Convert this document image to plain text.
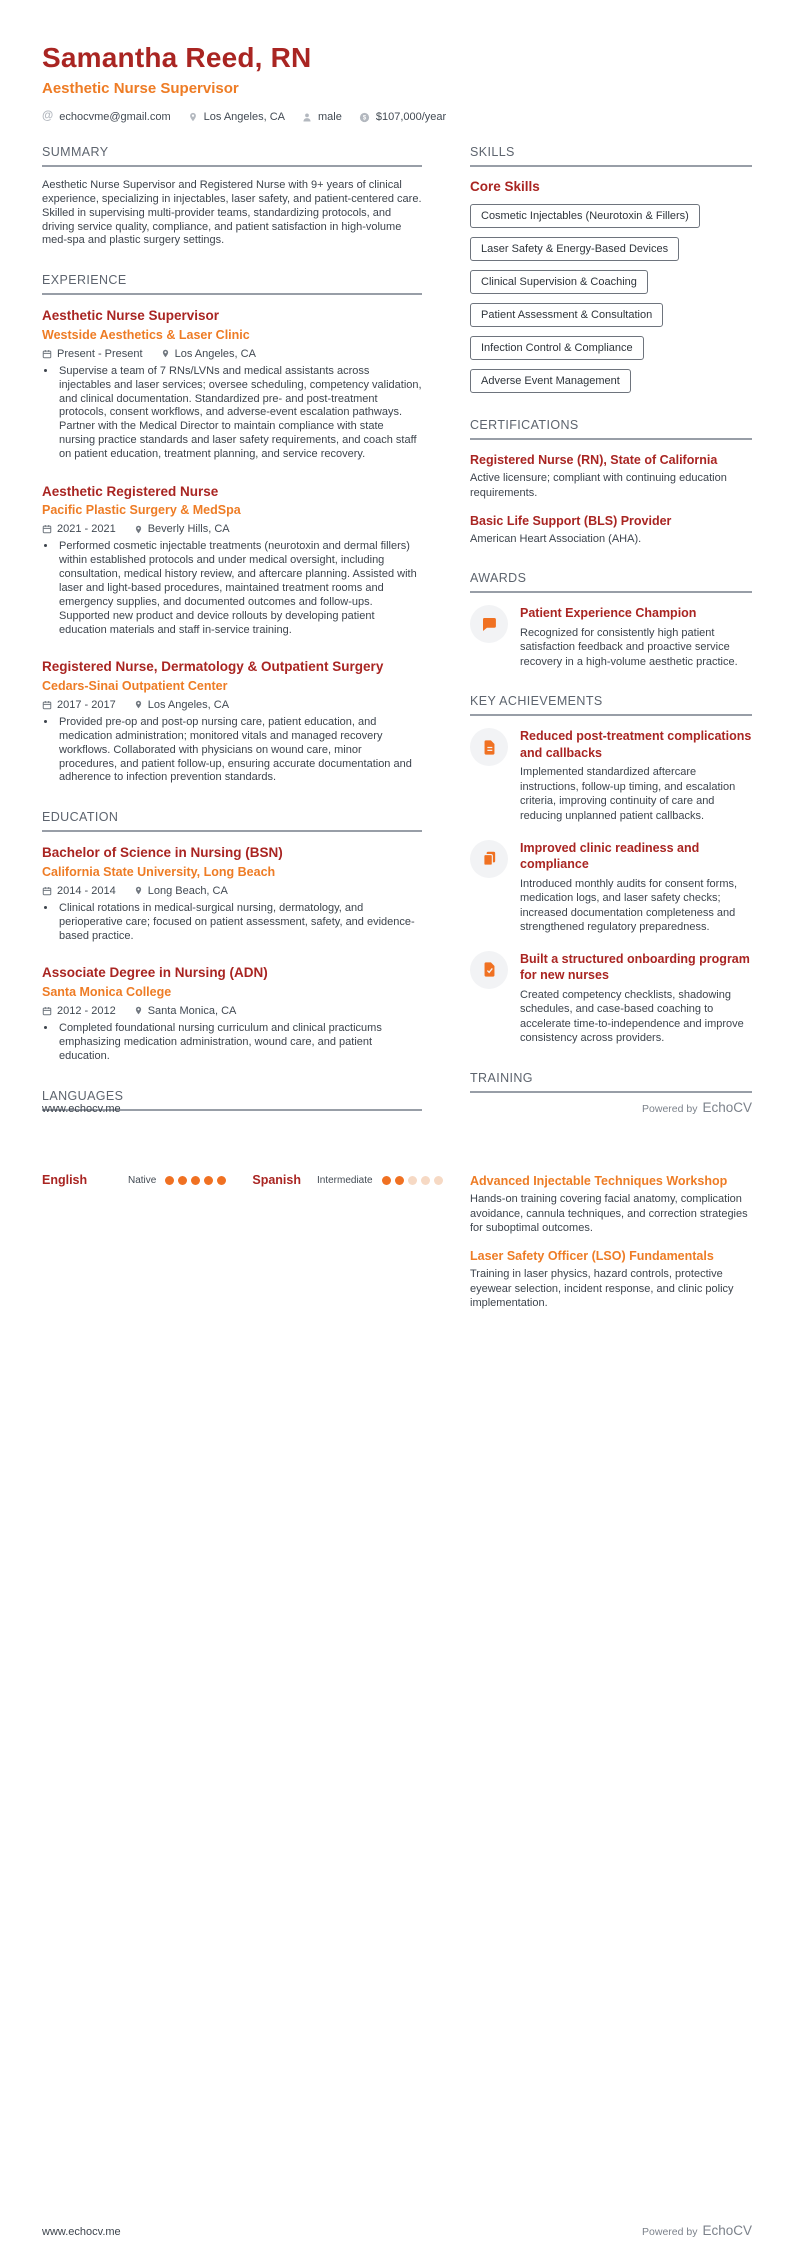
Samantha Reed, RN
Aesthetic Nurse Supervisor
@ echocvme@gmail.com	Los Angeles, CA	male $ $107,000/year
SUMMARY

Aesthetic Nurse Supervisor and Registered Nurse with 9+ years of clinical experience, specializing in injectables, laser safety, and patient-centered care. Skilled in supervising multi-provider teams, standardizing protocols, and driving service quality, compliance, and patient satisfaction in high-volume med-spa and plastic surgery settings.

EXPERIENCE
Aesthetic Nurse Supervisor
Westside Aesthetics & Laser Clinic
Present - Present	Los Angeles, CA
• Supervise a team of 7 RNs/LVNs and medical assistants across injectables and laser services; oversee scheduling, competency validation, and clinical documentation. Standardized pre- and post-treatment protocols, consent workflows, and adverse-event escalation pathways. Partner with the Medical Director to maintain compliance with state nursing practice standards and laser safety requirements, and coach staff on patient education, treatment planning, and service recovery.
Aesthetic Registered Nurse
Pacific Plastic Surgery & MedSpa
2021 - 2021	Beverly Hills, CA
• Performed cosmetic injectable treatments (neurotoxin and dermal fillers) within established protocols and under medical oversight, including consultation, medical history review, and aftercare planning. Assisted with laser and light-based procedures, maintained treatment rooms and emergency supplies, and documented outcomes and follow-ups. Supported new product and device rollouts by developing patient education materials and staff in-service training.
Registered Nurse, Dermatology & Outpatient Surgery
Cedars-Sinai Outpatient Center
2017 - 2017	Los Angeles, CA
• Provided pre-op and post-op nursing care, patient education, and medication administration; monitored vitals and managed recovery workflows. Collaborated with physicians on wound care, minor procedures, and patient follow-up, ensuring accurate documentation and adherence to infection prevention standards.
EDUCATION
Bachelor of Science in Nursing (BSN)
California State University, Long Beach
2014 - 2014	Long Beach, CA
• Clinical rotations in medical-surgical nursing, dermatology, and perioperative care; focused on patient assessment, safety, and evidence-based practice.
Associate Degree in Nursing (ADN)
Santa Monica College
2012 - 2012	Santa Monica, CA
• Completed foundational nursing curriculum and clinical practicums emphasizing medication administration, wound care, and patient education.
LANGUAGES
SKILLS
Core Skills
Cosmetic Injectables (Neurotoxin & Fillers)
Laser Safety & Energy-Based Devices
Clinical Supervision & Coaching
Patient Assessment & Consultation
Infection Control & Compliance
Adverse Event Management
CERTIFICATIONS
Registered Nurse (RN), State of California
Active licensure; compliant with continuing education requirements.
Basic Life Support (BLS) Provider
American Heart Association (AHA).
AWARDS
Patient Experience Champion
Recognized for consistently high patient satisfaction feedback and proactive service recovery in a high-volume aesthetic practice.
KEY ACHIEVEMENTS
Reduced post-treatment complications and callbacks
Implemented standardized aftercare instructions, follow-up timing, and escalation criteria, improving continuity of care and reducing unplanned patient callbacks.
Improved clinic readiness and compliance
Introduced monthly audits for consent forms, medication logs, and laser safety checks; increased documentation completeness and strengthened regulatory preparedness.
Built a structured onboarding program for new nurses
Created competency checklists, shadowing schedules, and case-based coaching to accelerate time-to-independence and improve consistency across providers.
TRAINING
www.echocv.me	Powered by EchoCV
English	Native	Spanish Intermediate	Advanced Injectable Techniques Workshop
Hands-on training covering facial anatomy, complication avoidance, cannula techniques, and correction strategies for suboptimal outcomes.
Laser Safety Officer (LSO) Fundamentals
Training in laser physics, hazard controls, protective eyewear selection, incident response, and clinic policy implementation.
www.echocv.me	Powered by EchoCV
